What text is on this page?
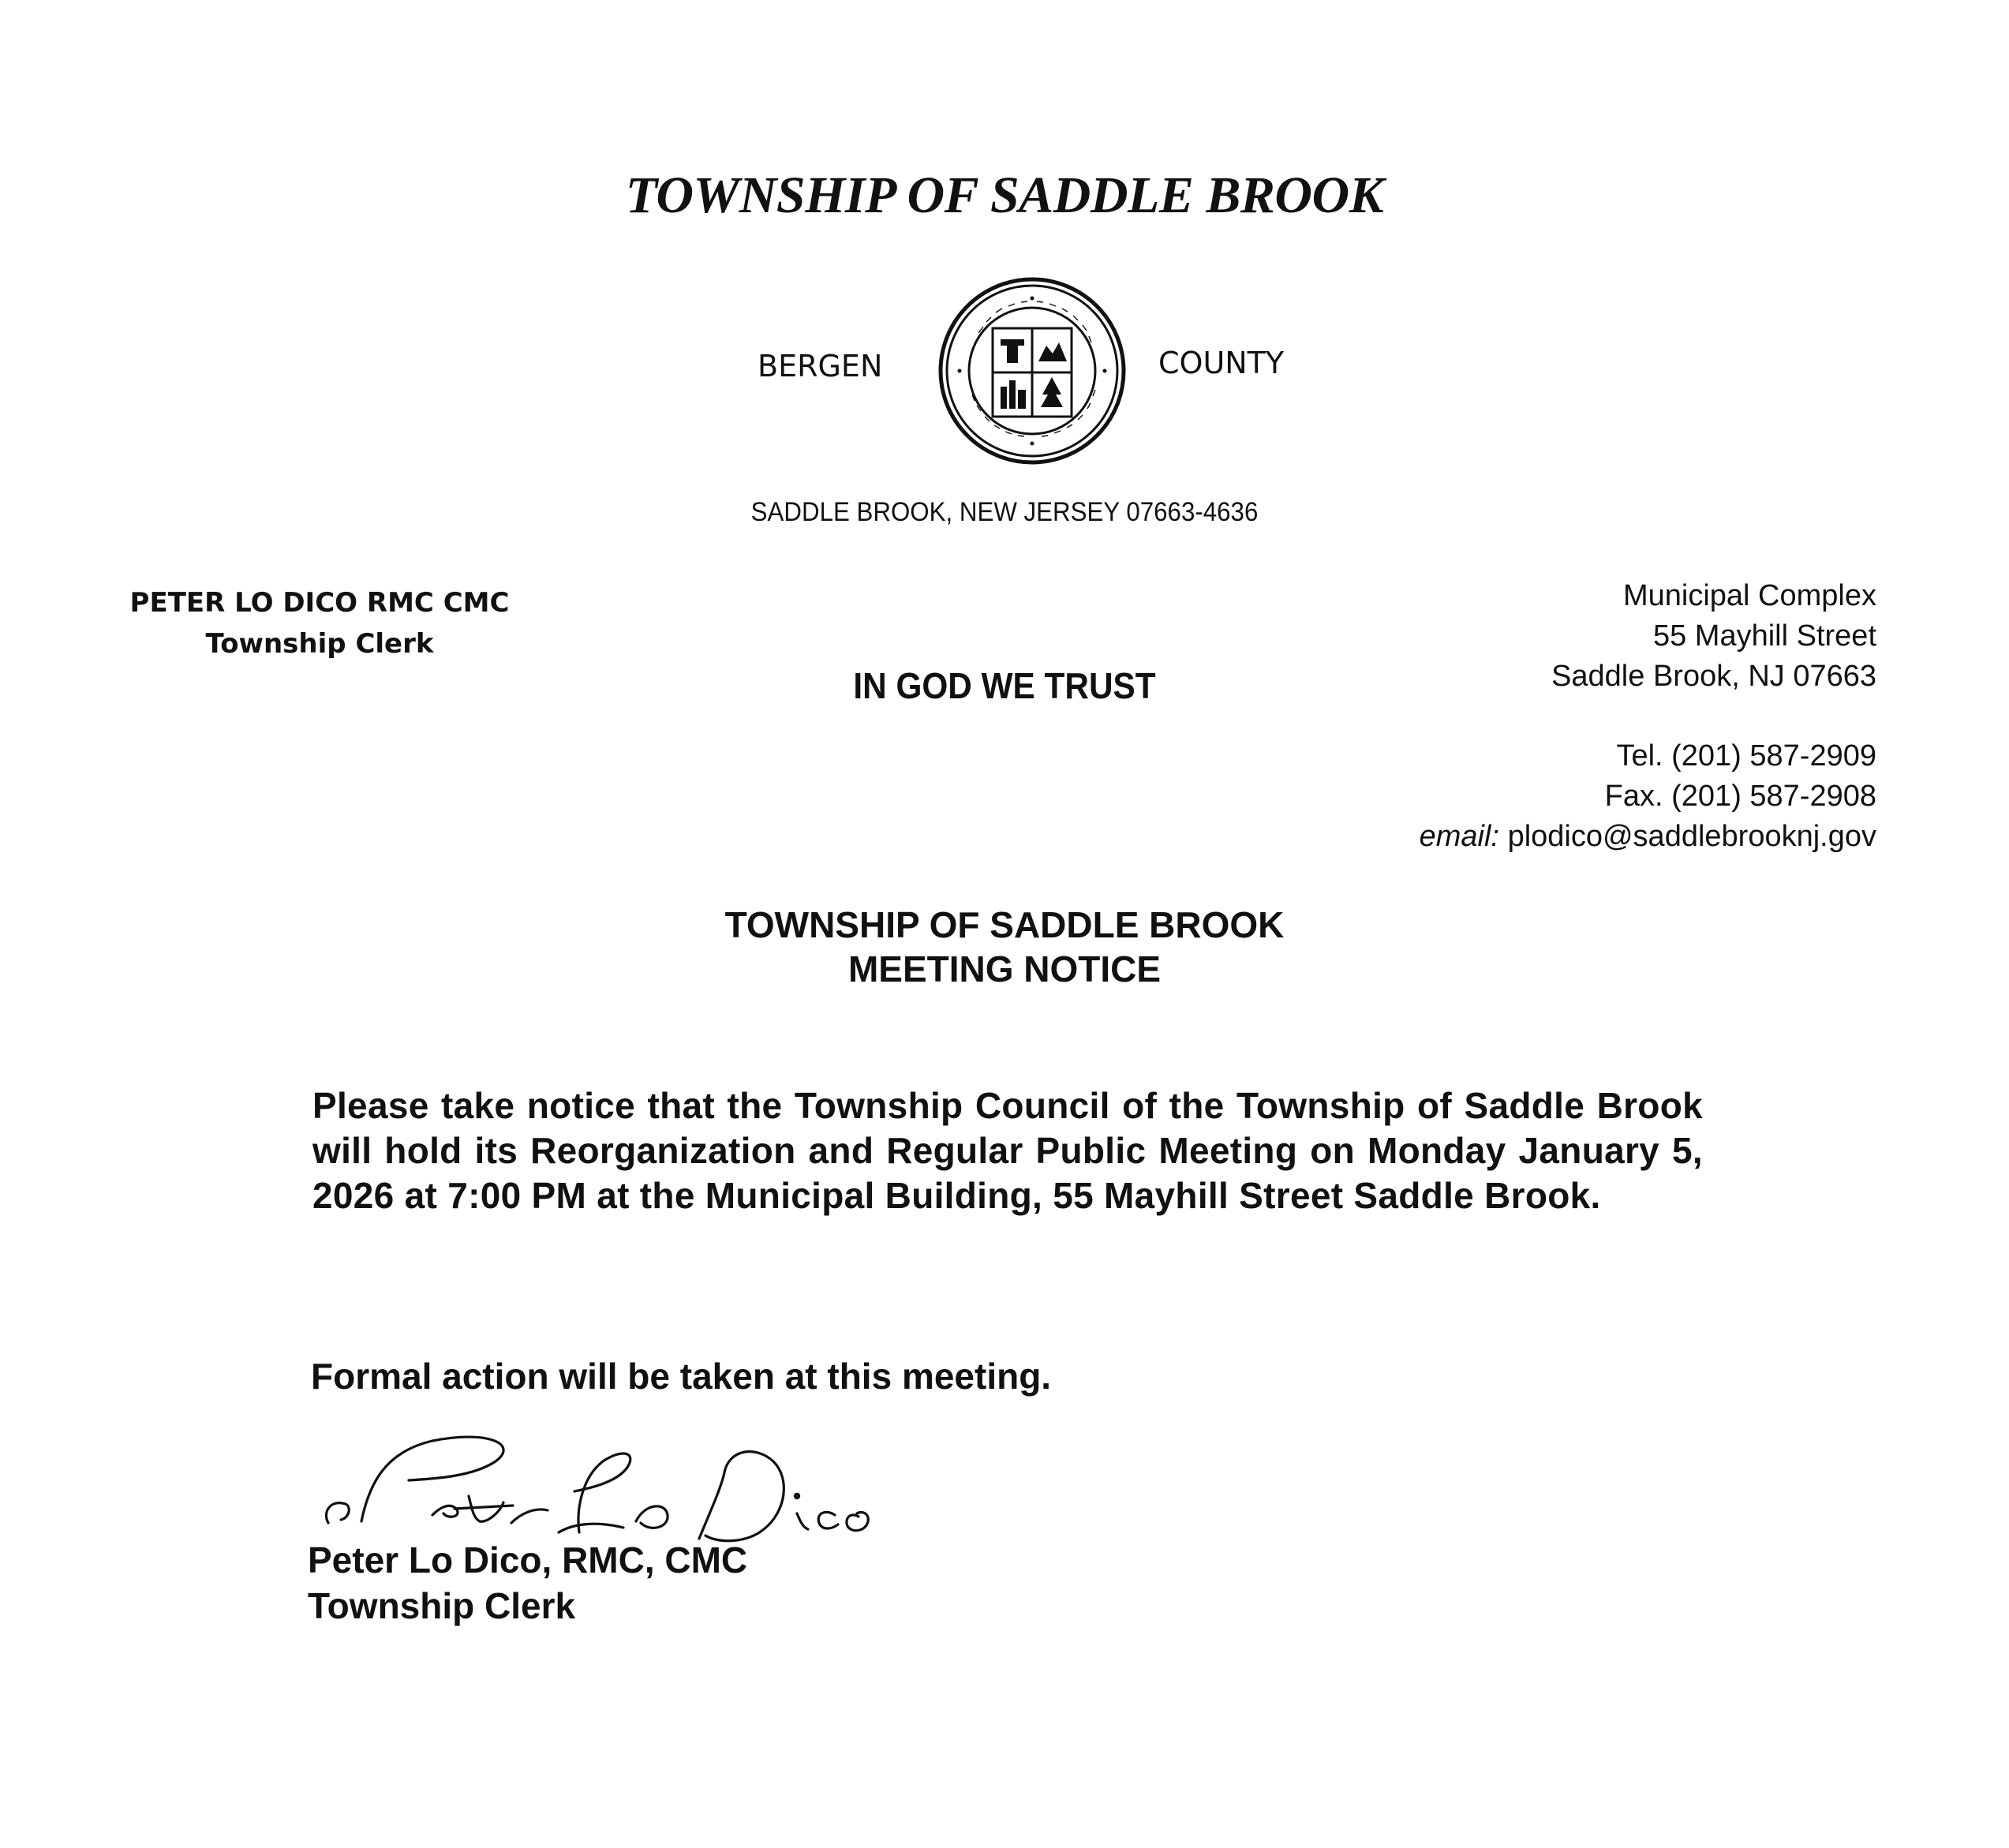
TOWNSHIP OF SADDLE BROOK
BERGEN	COUNTY
SADDLE BROOK, NEW JERSEY 07663-4636
PETER LO DICO RMC CMC
Township Clerk
IN GOD WE TRUST
Municipal Complex
55 Mayhill Street
Saddle Brook, NJ 07663
Tel. (201) 587-2909
Fax. (201) 587-2908
email: plodico@saddlebrooknj.gov
TOWNSHIP OF SADDLE BROOK
MEETING NOTICE
Please take notice that the Township Council of the Township of Saddle Brook will hold its Reorganization and Regular Public Meeting on Monday January 5, 2026 at 7:00 PM at the Municipal Building, 55 Mayhill Street Saddle Brook.
Formal action will be taken at this meeting.
Peter Lo Dico, RMC, CMC
Township Clerk
